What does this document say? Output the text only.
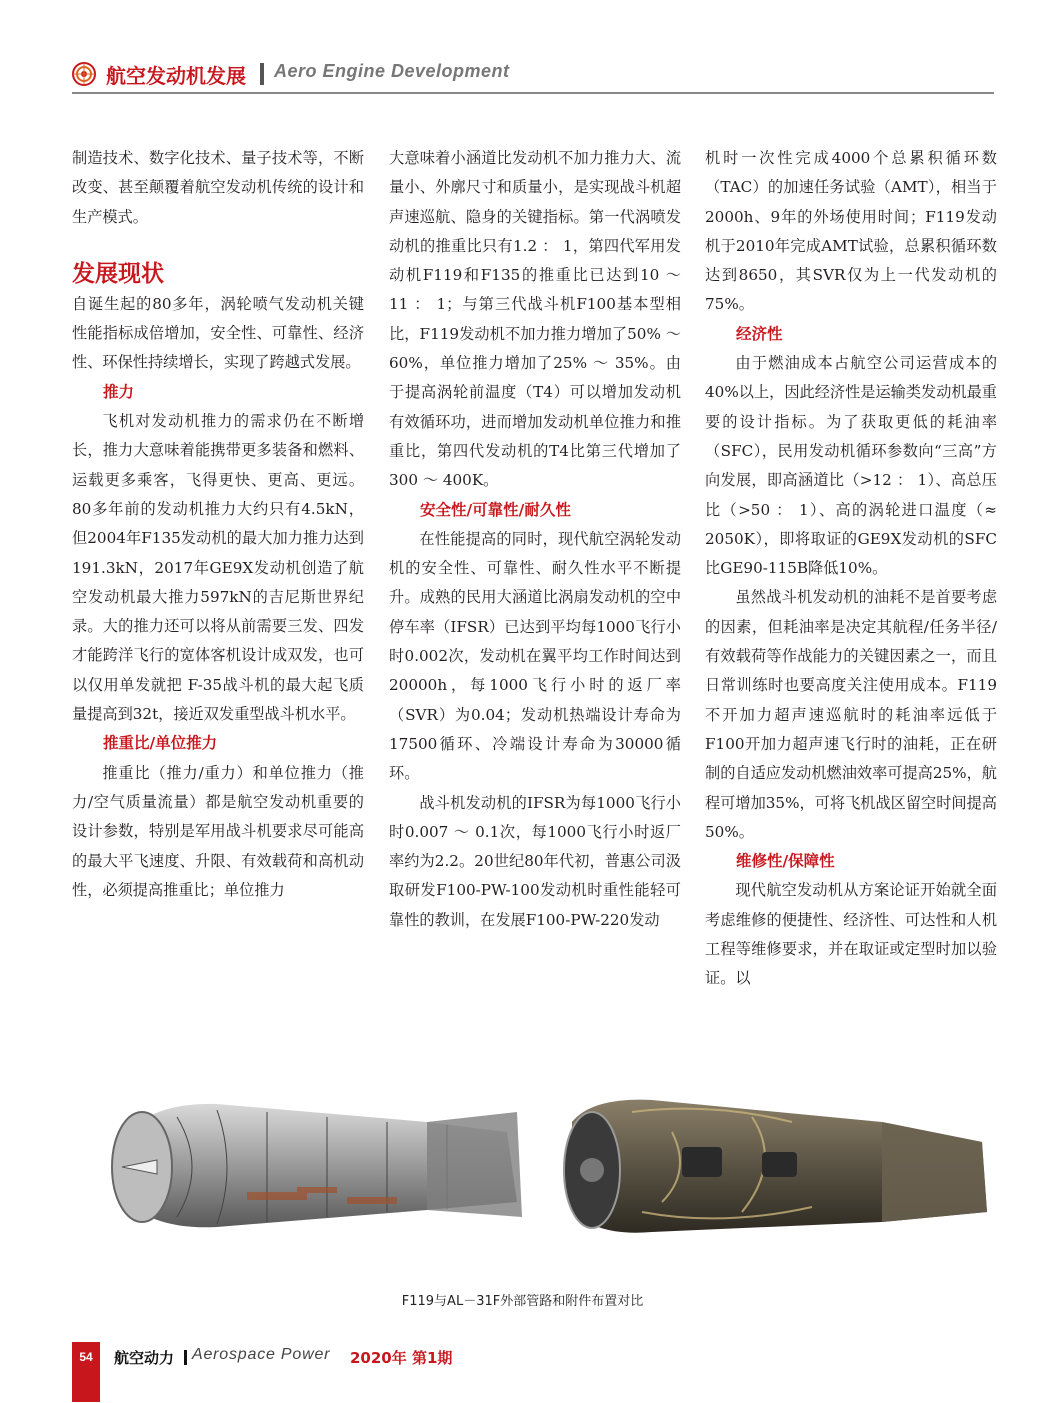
航空发动机发展 Aero Engine Development

制造技术、数字化技术、量子技术等，不断改变、甚至颠覆着航空发动机传统的设计和生产模式。

发展现状

自诞生起的80多年，涡轮喷气发动机关键性能指标成倍增加，安全性、可靠性、经济性、环保性持续增长，实现了跨越式发展。

推力

飞机对发动机推力的需求仍在不断增长，推力大意味着能携带更多装备和燃料、运载更多乘客，飞得更快、更高、更远。80多年前的发动机推力大约只有4.5kN，但2004年F135发动机的最大加力推力达到191.3kN，2017年GE9X发动机创造了航空发动机最大推力597kN的吉尼斯世界纪录。大的推力还可以将从前需要三发、四发才能跨洋飞行的宽体客机设计成双发，也可以仅用单发就把 F-35战斗机的最大起飞质量提高到32t，接近双发重型战斗机水平。

推重比/单位推力

推重比（推力/重力）和单位推力（推力/空气质量流量）都是航空发动机重要的设计参数，特别是军用战斗机要求尽可能高的最大平飞速度、升限、有效载荷和高机动性，必须提高推重比；单位推力

大意味着小涵道比发动机不加力推力大、流量小、外廓尺寸和质量小，是实现战斗机超声速巡航、隐身的关键指标。第一代涡喷发动机的推重比只有1.2 ： 1，第四代军用发动机F119和F135的推重比已达到10 ～ 11 ： 1；与第三代战斗机F100基本型相比，F119发动机不加力推力增加了50% ～ 60%，单位推力增加了25% ～ 35%。由于提高涡轮前温度（T4）可以增加发动机有效循环功，进而增加发动机单位推力和推重比，第四代发动机的T4比第三代增加了300 ～ 400K。

安全性/可靠性/耐久性

在性能提高的同时，现代航空涡轮发动机的安全性、可靠性、耐久性水平不断提升。成熟的民用大涵道比涡扇发动机的空中停车率（IFSR）已达到平均每1000飞行小时0.002次，发动机在翼平均工作时间达到20000h，每1000飞行小时的返厂率（SVR）为0.04；发动机热端设计寿命为17500循环、冷端设计寿命为30000循环。

战斗机发动机的IFSR为每1000飞行小时0.007 ～ 0.1次，每1000飞行小时返厂率约为2.2。20世纪80年代初，普惠公司汲取研发F100-PW-100发动机时重性能轻可靠性的教训，在发展F100-PW-220发动

机时一次性完成4000个总累积循环数（TAC）的加速任务试验（AMT），相当于2000h、9年的外场使用时间；F119发动机于2010年完成AMT试验，总累积循环数达到8650，其SVR仅为上一代发动机的75%。

经济性

由于燃油成本占航空公司运营成本的40%以上，因此经济性是运输类发动机最重要的设计指标。为了获取更低的耗油率（SFC），民用发动机循环参数向“三高”方向发展，即高涵道比（>12 ： 1）、高总压比（>50 ： 1）、高的涡轮进口温度（≈ 2050K），即将取证的GE9X发动机的SFC比GE90-115B降低10%。

虽然战斗机发动机的油耗不是首要考虑的因素，但耗油率是决定其航程/任务半径/有效载荷等作战能力的关键因素之一，而且日常训练时也要高度关注使用成本。F119不开加力超声速巡航时的耗油率远低于F100开加力超声速飞行时的油耗，正在研制的自适应发动机燃油效率可提高25%，航程可增加35%，可将飞机战区留空时间提高50%。

维修性/保障性

现代航空发动机从方案论证开始就全面考虑维修的便捷性、经济性、可达性和人机工程等维修要求，并在取证或定型时加以验证。以

F119与AL－31F外部管路和附件布置对比
54	航空动力 Aerospace Power 2020年 第1期
